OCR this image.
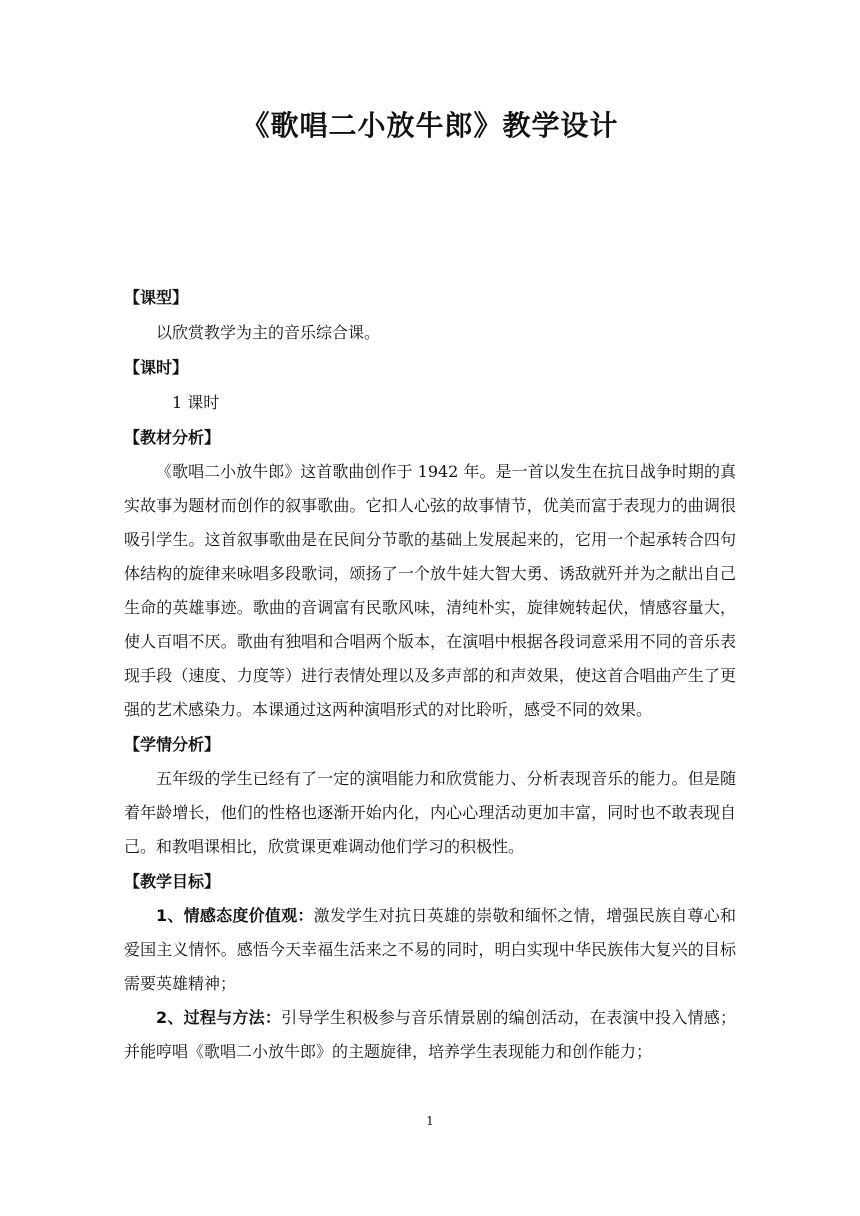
《歌唱二小放牛郎》教学设计
【课型】

以欣赏教学为主的音乐综合课。

【课时】

1 课时

【教材分析】

《歌唱二小放牛郎》这首歌曲创作于 1942 年。是一首以发生在抗日战争时期的真实故事为题材而创作的叙事歌曲。它扣人心弦的故事情节，优美而富于表现力的曲调很吸引学生。这首叙事歌曲是在民间分节歌的基础上发展起来的，它用一个起承转合四句体结构的旋律来咏唱多段歌词，颂扬了一个放牛娃大智大勇、诱敌就歼并为之献出自己生命的英雄事迹。歌曲的音调富有民歌风味，清纯朴实，旋律婉转起伏，情感容量大，使人百唱不厌。歌曲有独唱和合唱两个版本，在演唱中根据各段词意采用不同的音乐表现手段（速度、力度等）进行表情处理以及多声部的和声效果，使这首合唱曲产生了更强的艺术感染力。本课通过这两种演唱形式的对比聆听，感受不同的效果。

【学情分析】

五年级的学生已经有了一定的演唱能力和欣赏能力、分析表现音乐的能力。但是随着年龄增长，他们的性格也逐渐开始内化，内心心理活动更加丰富，同时也不敢表现自己。和教唱课相比，欣赏课更难调动他们学习的积极性。

【教学目标】

1、情感态度价值观：激发学生对抗日英雄的崇敬和缅怀之情，增强民族自尊心和爱国主义情怀。感悟今天幸福生活来之不易的同时，明白实现中华民族伟大复兴的目标需要英雄精神；

2、过程与方法：引导学生积极参与音乐情景剧的编创活动，在表演中投入情感；并能哼唱《歌唱二小放牛郎》的主题旋律，培养学生表现能力和创作能力；

1
